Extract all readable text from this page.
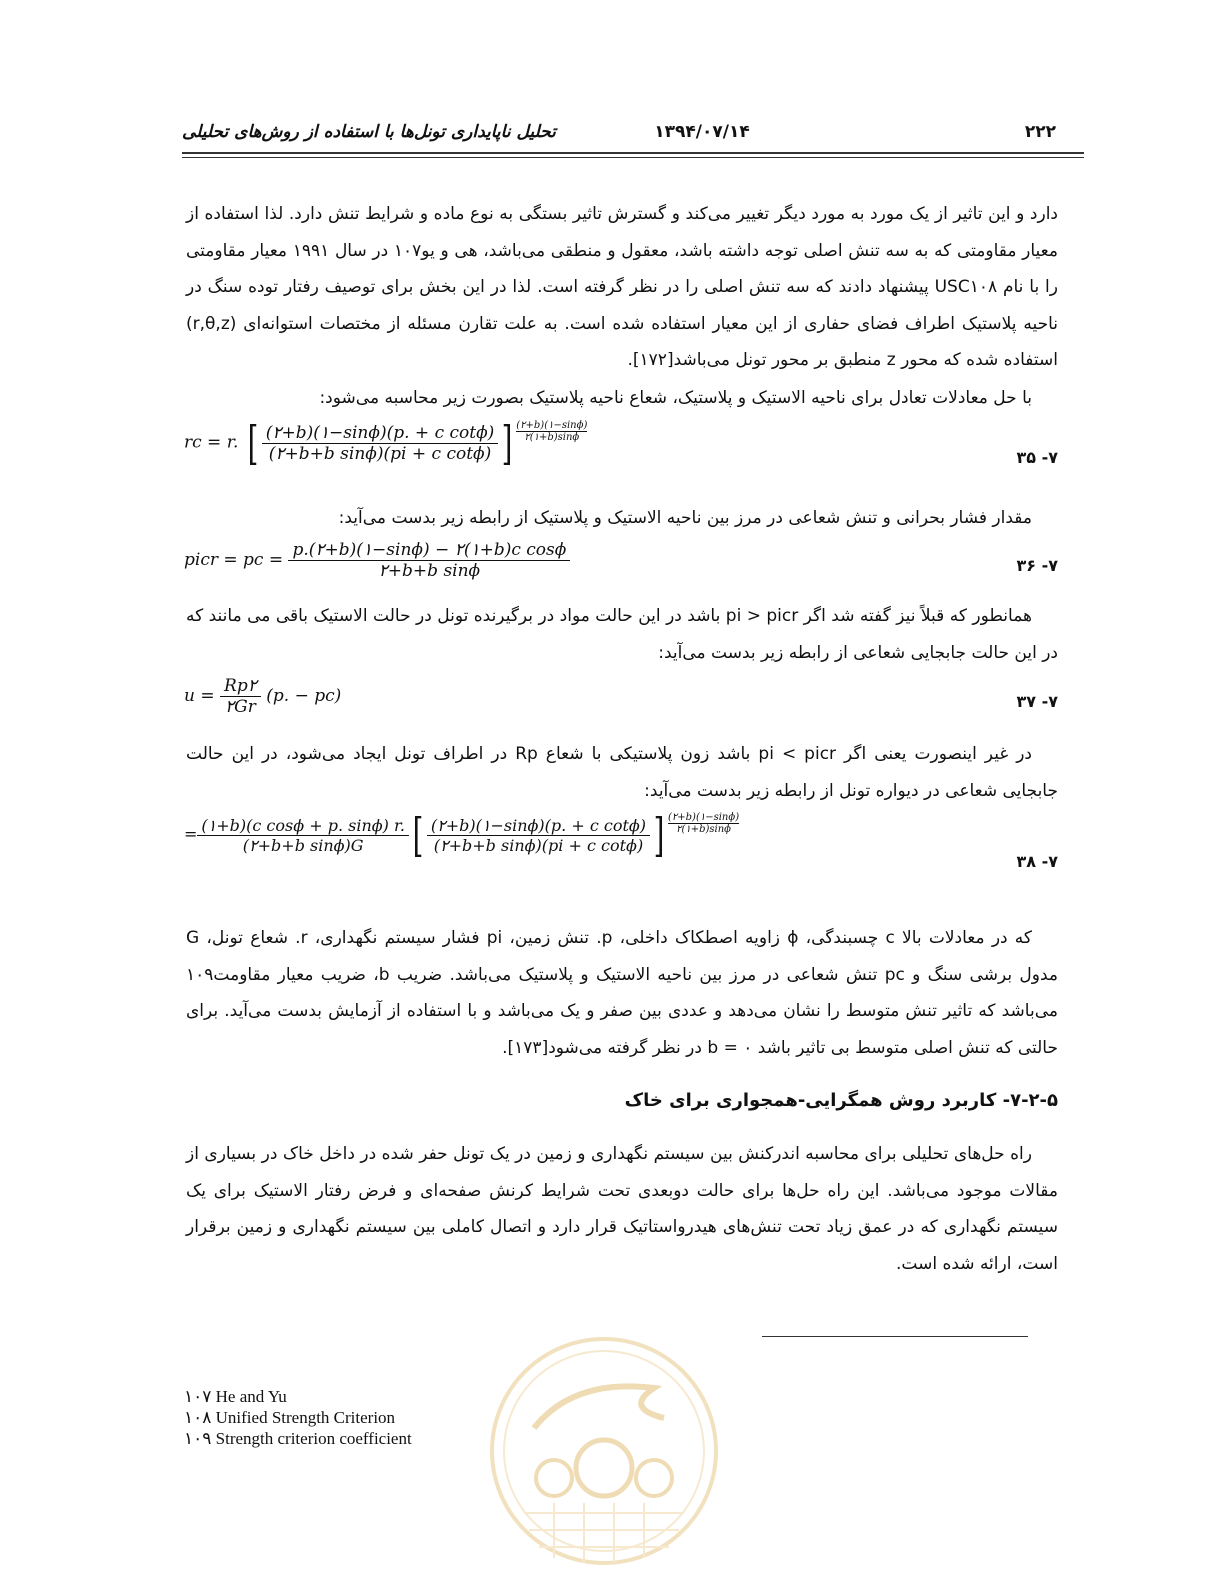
تحلیل ناپایداری تونل‌ها با استفاده از روش‌های تحلیلی	۱۳۹۴/۰۷/۱۴	۲۲۲
دارد و این تاثیر از یک مورد به مورد دیگر تغییر می‌کند و گسترش تاثیر بستگی به نوع ماده و شرایط تنش دارد. لذا استفاده از معیار مقاومتی که به سه تنش اصلی توجه داشته باشد، معقول و منطقی می‌باشد، هی و یو۱۰۷ در سال ۱۹۹۱ معیار مقاومتی را با نام USC۱۰۸ پیشنهاد دادند که سه تنش اصلی را در نظر گرفته است. لذا در این بخش برای توصیف رفتار توده سنگ در ناحیه پلاستیک اطراف فضای حفاری از این معیار استفاده شده است. به علت تقارن مسئله از مختصات استوانه‌ای (r,θ,z) استفاده شده که محور z منطبق بر محور تونل می‌باشد[۱۷۲].
با حل معادلات تعادل برای ناحیه الاستیک و پلاستیک، شعاع ناحیه پلاستیک بصورت زیر محاسبه می‌شود:
rc = r. [ $\frac{\text{(۲+b)(۱−sinϕ)(p. + c cotϕ)}}{\text{(۲+b+b sinϕ)(pi + c cotϕ)}}$ ] $\frac{(۲+b)(۱-\sin\phi)}{۲(۱+b)\sin\phi}$
۳۵ -۷
مقدار فشار بحرانی و تنش شعاعی در مرز بین ناحیه الاستیک و پلاستیک از رابطه زیر بدست می‌آید:
picr = pc = $\frac{\text{p.(۲+b)(۱−sinϕ) − ۲(۱+b)c cosϕ}}{\text{۲+b+b sinϕ}}$	۳۶ -۷
همانطور که قبلاً نیز گفته شد اگر pi > picr باشد در این حالت مواد در برگیرنده تونل در حالت الاستیک باقی می مانند که در این حالت جابجایی شعاعی از رابطه زیر بدست می‌آید:
$u = \frac{Rp۲}{۲Gr} (p$. − pc)	۳۷ -۷
در غیر اینصورت یعنی اگر pi < picr باشد زون پلاستیکی با شعاع Rp در اطراف تونل ایجاد می‌شود، در این حالت جابجایی شعاعی در دیواره تونل از رابطه زیر بدست می‌آید:
= $\frac{\text{(۱+b)(c cosϕ + p. sinϕ) r.}}{\text{(۲+b+b sinϕ)G}}$ [ $\frac{\text{(۲+b)(۱−sinϕ)(p. + c cotϕ)}}{\text{(۲+b+b sinϕ)(pi + c cotϕ)}}$ ] $\frac{(۲+b)(۱-\sin\phi)}{۲(۱+b)\sin\phi}$
۳۸ -۷
که در معادلات بالا c چسبندگی، ϕ زاویه اصطکاک داخلی، p. تنش زمین، pi فشار سیستم نگهداری، r. شعاع تونل، G مدول برشی سنگ و pc تنش شعاعی در مرز بین ناحیه الاستیک و پلاستیک می‌باشد. ضریب b، ضریب معیار مقاومت۱۰۹ می‌باشد که تاثیر تنش متوسط را نشان می‌دهد و عددی بین صفر و یک می‌باشد و با استفاده از آزمایش بدست می‌آید. برای حالتی که تنش اصلی متوسط بی تاثیر باشد b = ۰ در نظر گرفته می‌شود[۱۷۳].
۷-۲-۵- کاربرد روش همگرایی-همجواری برای خاک
راه حل‌های تحلیلی برای محاسبه اندرکنش بین سیستم نگهداری و زمین در یک تونل حفر شده در داخل خاک در بسیاری از مقالات موجود می‌باشد. این راه حل‌ها برای حالت دوبعدی تحت شرایط کرنش صفحه‌ای و فرض رفتار الاستیک برای یک سیستم نگهداری که در عمق زیاد تحت تنش‌های هیدرواستاتیک قرار دارد و اتصال کاملی بین سیستم نگهداری و زمین برقرار است، ارائه شده است.
۱۰۷ He and Yu
۱۰۸ Unified Strength Criterion
۱۰۹ Strength criterion coefficient
